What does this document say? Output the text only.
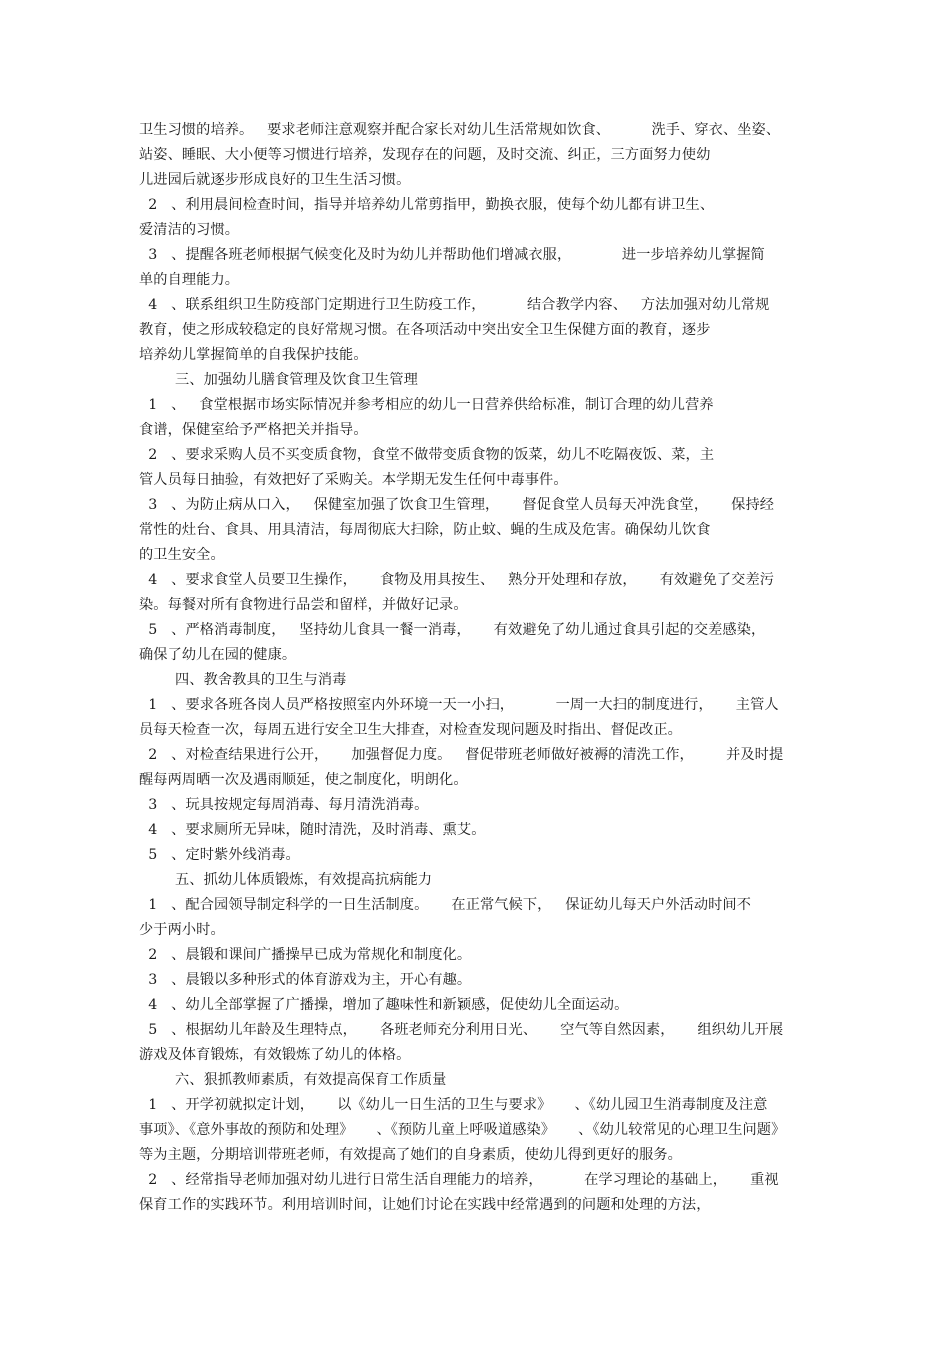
卫生习惯的培养。   要求老师注意观察并配合家长对幼儿生活常规如饮食、         洗手、穿衣、坐姿、
站姿、睡眠、大小便等习惯进行培养，发现存在的问题，及时交流、纠正，三方面努力使幼
儿进园后就逐步形成良好的卫生生活习惯。
2   、利用晨间检查时间，指导并培养幼儿常剪指甲，勤换衣服，使每个幼儿都有讲卫生、
爱清洁的习惯。
3   、提醒各班老师根据气候变化及时为幼儿并帮助他们增减衣服，           进一步培养幼儿掌握简
单的自理能力。
4   、联系组织卫生防疫部门定期进行卫生防疫工作，         结合教学内容、   方法加强对幼儿常规
教育，使之形成较稳定的良好常规习惯。在各项活动中突出安全卫生保健方面的教育，逐步
培养幼儿掌握简单的自我保护技能。
三、加强幼儿膳食管理及饮食卫生管理
1   、   食堂根据市场实际情况并参考相应的幼儿一日营养供给标准，制订合理的幼儿营养
食谱，保健室给予严格把关并指导。
2   、要求采购人员不买变质食物，食堂不做带变质食物的饭菜，幼儿不吃隔夜饭、菜，主
管人员每日抽验，有效把好了采购关。本学期无发生任何中毒事件。
3   、为防止病从口入，   保健室加强了饮食卫生管理，     督促食堂人员每天冲洗食堂，     保持经
常性的灶台、食具、用具清洁，每周彻底大扫除，防止蚊、蝇的生成及危害。确保幼儿饮食
的卫生安全。
4   、要求食堂人员要卫生操作，     食物及用具按生、   熟分开处理和存放，     有效避免了交差污
染。每餐对所有食物进行品尝和留样，并做好记录。
5   、严格消毒制度，   坚持幼儿食具一餐一消毒，     有效避免了幼儿通过食具引起的交差感染，
确保了幼儿在园的健康。
四、教舍教具的卫生与消毒
1   、要求各班各岗人员严格按照室内外环境一天一小扫，         一周一大扫的制度进行，     主管人
员每天检查一次，每周五进行安全卫生大排查，对检查发现问题及时指出、督促改正。
2   、对检查结果进行公开，     加强督促力度。   督促带班老师做好被褥的清洗工作，       并及时提
醒每两周晒一次及遇雨顺延，使之制度化，明朗化。
3   、玩具按规定每周消毒、每月清洗消毒。
4   、要求厕所无异味，随时清洗，及时消毒、熏艾。
5   、定时紫外线消毒。
五、抓幼儿体质锻炼，有效提高抗病能力
1   、配合园领导制定科学的一日生活制度。     在正常气候下，   保证幼儿每天户外活动时间不
少于两小时。
2   、晨锻和课间广播操早已成为常规化和制度化。
3   、晨锻以多种形式的体育游戏为主，开心有趣。
4   、幼儿全部掌握了广播操，增加了趣味性和新颖感，促使幼儿全面运动。
5   、根据幼儿年龄及生理特点，     各班老师充分利用日光、     空气等自然因素，     组织幼儿开展
游戏及体育锻炼，有效锻炼了幼儿的体格。
六、狠抓教师素质，有效提高保育工作质量
1   、开学初就拟定计划，     以《幼儿一日生活的卫生与要求》     、《幼儿园卫生消毒制度及注意
事项》、《意外事故的预防和处理》     、《预防儿童上呼吸道感染》     、《幼儿较常见的心理卫生问题》
等为主题，分期培训带班老师，有效提高了她们的自身素质，使幼儿得到更好的服务。
2   、经常指导老师加强对幼儿进行日常生活自理能力的培养，         在学习理论的基础上，     重视
保育工作的实践环节。利用培训时间，让她们讨论在实践中经常遇到的问题和处理的方法，
